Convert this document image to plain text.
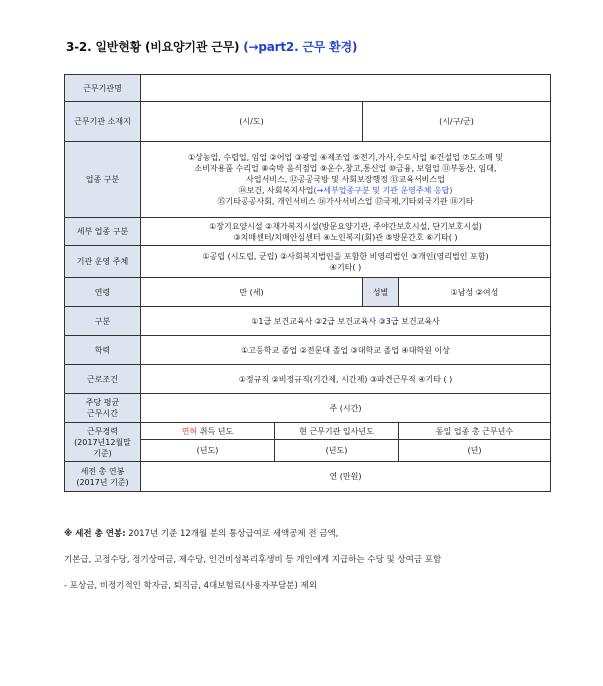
3-2. 일반현황 (비요양기관 근무) (→part2. 근무 환경)
근무기관명				
근무기관 소재지	(시/도)		(시/구/군)	
업종 구분	①상농업, 수렵업, 임업 ②어업 ③광업 ④제조업 ⑤전기,가사,수도사업 ⑥건설업 ⑦도소매 및
소비자용품 수리업 ⑧숙박 음식점업 ⑨운수,창고,통신업 ⑩금융, 보험업 ⑪부동산, 임대,
사업서비스, ⑫공공국방 및 사회보장행정 ⑬교육서비스업
⑭보건, 사회복지사업(→세부업종구분 및 기관 운영주체 응답)
⑮기타공공사회, 개인서비스 ⑯가사서비스업 ⑰국제,기타외국기관 ⑱기타			

세부 업종 구분	①장기요양시설 ②재가복지시설(방문요양기관, 주야간보호시설, 단기보호시설)
③치매센터/치매안심센터 ④노인복지(회)관 ⑤방문간호 ⑥기타( )			

기관 운영 주체	①공립 (시도립, 군립) ②사회복지법인을 포함한 비영리법인 ③개인(영리법인 포함)
④기타( )			

연령	만 (세)		성별	①남성 ②여성
구분	①1급 보건교육사 ②2급 보건교육사 ③3급 보건교육사			
학력	①고등학교 졸업 ②전문대 졸업 ③대학교 졸업 ④대학원 이상			
근로조건	①정규직 ②비정규직(기간제, 시간제) ③파견근무직 ④기타 ( )			

주당 평균
근무시간	주 (시간)			

근무경력
(2017년12월말
기준)	면허 취득 년도	현 근무기관 입사년도		동일 업종 총 근무년수
	(년도)	(년도)		(년)

세전 총 연봉
(2017년 기준)	연 (만원)			
※ 세전 총 연봉: 2017년 기준 12개월 분의 통상급여로 세액공제 전 금액,
기본급, 고정수당, 정기상여금, 제수당, 인건비성복리후생비 등 개인에게 지급하는 수당 및 상여금 포함
- 포상금, 비정기적인 학자금, 퇴직금, 4대보험료(사용자부담분) 제외
